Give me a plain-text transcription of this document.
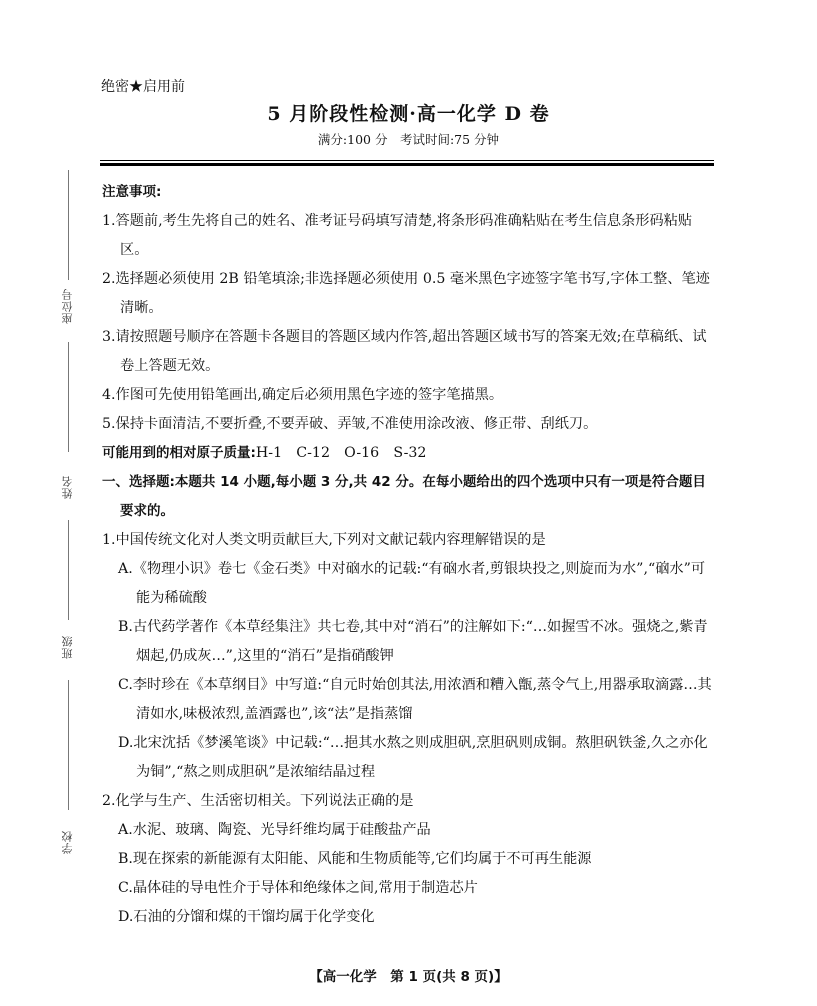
座位号
姓名
班级
学校
绝密★启用前
5 月阶段性检测·高一化学 D 卷
满分:100 分　考试时间:75 分钟

注意事项:

1.答题前,考生先将自己的姓名、准考证号码填写清楚,将条形码准确粘贴在考生信息条形码粘贴区。

2.选择题必须使用 2B 铅笔填涂;非选择题必须使用 0.5 毫米黑色字迹签字笔书写,字体工整、笔迹清晰。

3.请按照题号顺序在答题卡各题目的答题区域内作答,超出答题区域书写的答案无效;在草稿纸、试卷上答题无效。

4.作图可先使用铅笔画出,确定后必须用黑色字迹的签字笔描黑。

5.保持卡面清洁,不要折叠,不要弄破、弄皱,不准使用涂改液、修正带、刮纸刀。

可能用到的相对原子质量:H-1　C-12　O-16　S-32

一、选择题:本题共 14 小题,每小题 3 分,共 42 分。在每小题给出的四个选项中只有一项是符合题目要求的。

1.中国传统文化对人类文明贡献巨大,下列对文献记载内容理解错误的是

A.《物理小识》卷七《金石类》中对硇水的记载:“有硇水者,剪银块投之,则旋而为水”,“硇水”可能为稀硫酸

B.古代药学著作《本草经集注》共七卷,其中对“消石”的注解如下:“…如握雪不冰。强烧之,紫青烟起,仍成灰…”,这里的“消石”是指硝酸钾

C.李时珍在《本草纲目》中写道:“自元时始创其法,用浓酒和糟入甑,蒸令气上,用器承取滴露…其清如水,味极浓烈,盖酒露也”,该“法”是指蒸馏

D.北宋沈括《梦溪笔谈》中记载:“…挹其水熬之则成胆矾,烹胆矾则成铜。熬胆矾铁釜,久之亦化为铜”,“熬之则成胆矾”是浓缩结晶过程

2.化学与生产、生活密切相关。下列说法正确的是

A.水泥、玻璃、陶瓷、光导纤维均属于硅酸盐产品

B.现在探索的新能源有太阳能、风能和生物质能等,它们均属于不可再生能源

C.晶体硅的导电性介于导体和绝缘体之间,常用于制造芯片

D.石油的分馏和煤的干馏均属于化学变化

【高一化学　第 1 页(共 8 页)】
